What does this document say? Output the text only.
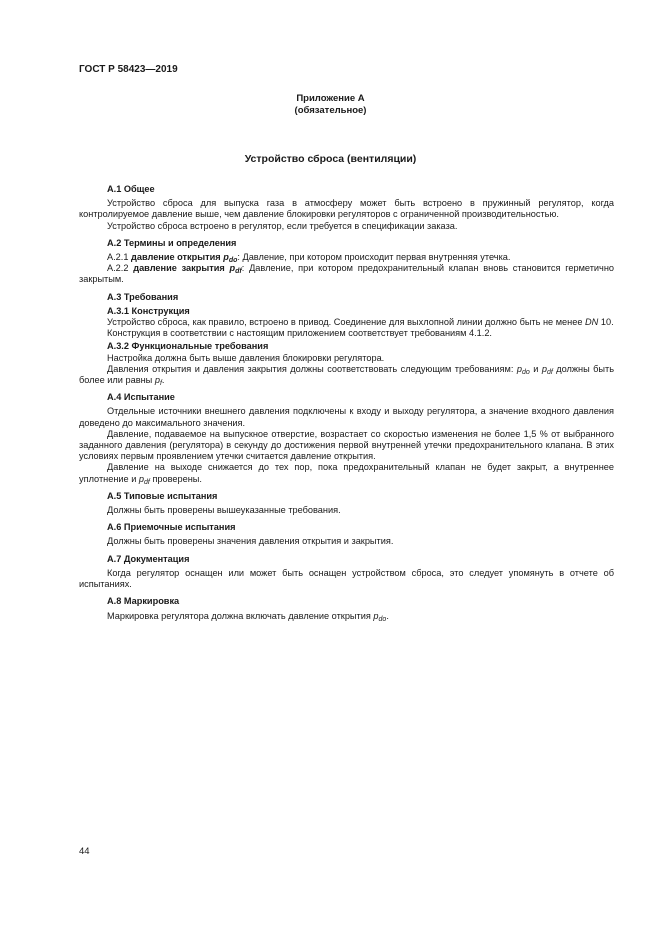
ГОСТ Р 58423—2019
Приложение А
(обязательное)
Устройство сброса (вентиляции)
А.1 Общее
Устройство сброса для выпуска газа в атмосферу может быть встроено в пружинный регулятор, когда контролируемое давление выше, чем давление блокировки регуляторов с ограниченной производительностью.
Устройство сброса встроено в регулятор, если требуется в спецификации заказа.
А.2 Термины и определения
А.2.1 давление открытия $p_{do}$: Давление, при котором происходит первая внутренняя утечка.
А.2.2 давление закрытия $p_{df}$: Давление, при котором предохранительный клапан вновь становится герметично закрытым.
А.3 Требования
А.3.1 Конструкция
Устройство сброса, как правило, встроено в привод. Соединение для выхлопной линии должно быть не менее DN 10.
Конструкция в соответствии с настоящим приложением соответствует требованиям 4.1.2.
А.3.2 Функциональные требования
Настройка должна быть выше давления блокировки регулятора.
Давления открытия и давления закрытия должны соответствовать следующим требованиям: $p_{do}$ и $p_{df}$ должны быть более или равны $p_f$.
А.4 Испытание
Отдельные источники внешнего давления подключены к входу и выходу регулятора, а значение входного давления доведено до максимального значения.
Давление, подаваемое на выпускное отверстие, возрастает со скоростью изменения не более 1,5 % от выбранного заданного давления (регулятора) в секунду до достижения первой внутренней утечки предохранительного клапана. В этих условиях первым проявлением утечки считается давление открытия.
Давление на выходе снижается до тех пор, пока предохранительный клапан не будет закрыт, а внутреннее уплотнение и $p_{df}$ проверены.
А.5 Типовые испытания
Должны быть проверены вышеуказанные требования.
А.6 Приемочные испытания
Должны быть проверены значения давления открытия и закрытия.
А.7 Документация
Когда регулятор оснащен или может быть оснащен устройством сброса, это следует упомянуть в отчете об испытаниях.
А.8 Маркировка
Маркировка регулятора должна включать давление открытия $p_{do}$.
44
